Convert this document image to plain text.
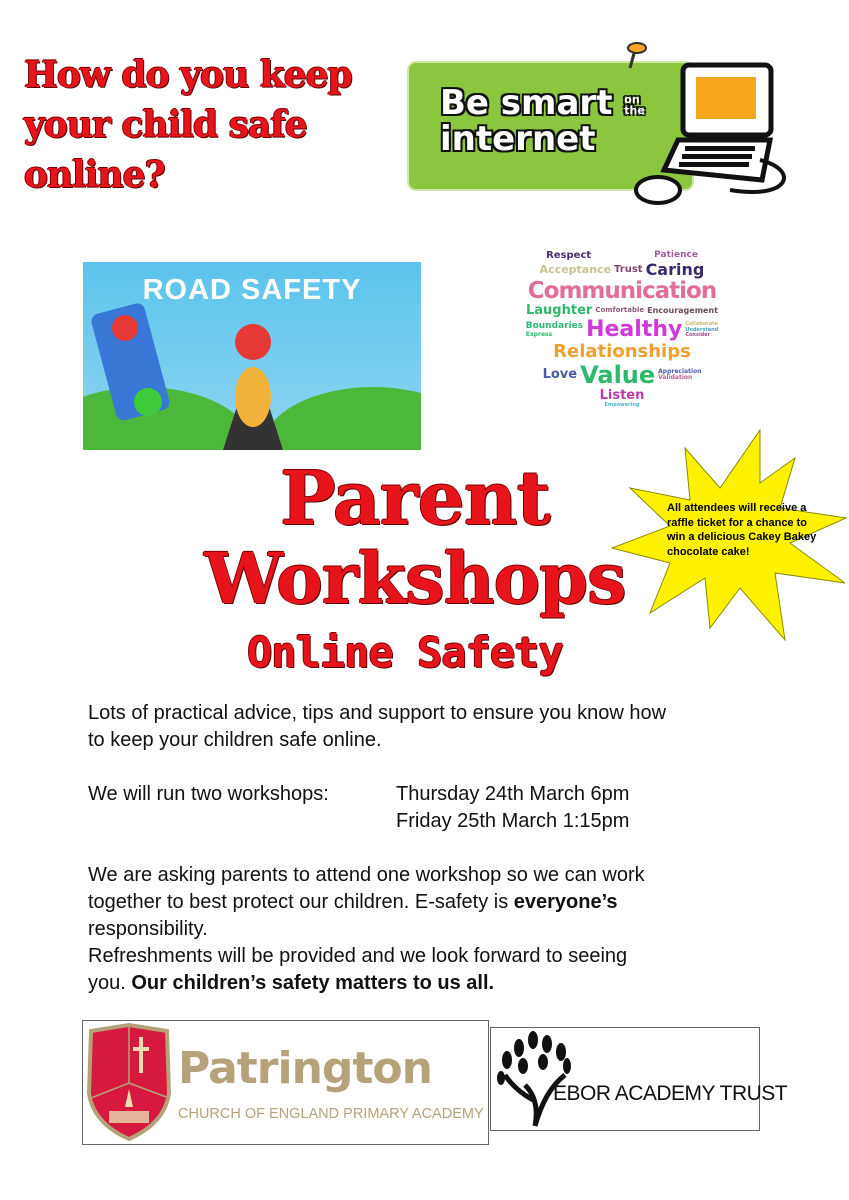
How do you keep
your child safe
online?
Be smart on the
internet
ROAD SAFETY
Respect	Patience
Acceptance Trust Caring
Communication
Laughter Comfortable Encouragement
Boundaries
Express	Healthy Collaborate
Understand
Consider
Relationships
Love Value Appreciation
Validation
Listen
Empowering
Parent
Workshops
Online Safety
All attendees will receive a raffle ticket for a chance to win a delicious Cakey Bakey chocolate cake!
Lots of practical advice, tips and support to ensure you know how
to keep your children safe online.
We will run two workshops:	Thursday 24th March 6pm
Friday 25th March 1:15pm
We are asking parents to attend one workshop so we can work
together to best protect our children. E-safety is everyone’s
responsibility.
Refreshments will be provided and we look forward to seeing
you. Our children’s safety matters to us all.
Patrington
CHURCH OF ENGLAND PRIMARY ACADEMY
EBOR ACADEMY TRUST
